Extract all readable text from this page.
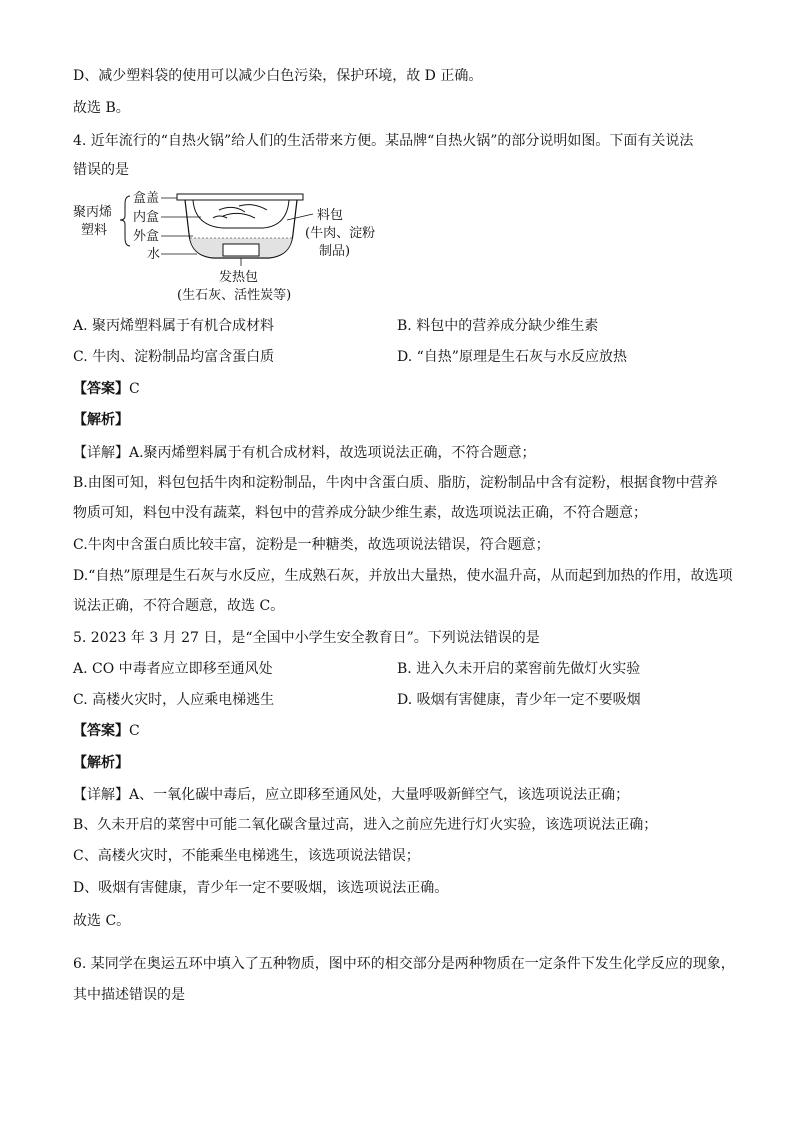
D、减少塑料袋的使用可以减少白色污染，保护环境，故 D 正确。
故选 B。
4. 近年流行的“自热火锅”给人们的生活带来方便。某品牌“自热火锅”的部分说明如图。下面有关说法
错误的是
聚丙烯
塑料
盒盖
内盒
外盒
水
料包
(牛肉、淀粉
制品)
发热包
(生石灰、活性炭等)
A. 聚丙烯塑料属于有机合成材料	B. 料包中的营养成分缺少维生素
C. 牛肉、淀粉制品均富含蛋白质	D. “自热”原理是生石灰与水反应放热
【答案】C
【解析】
【详解】A.聚丙烯塑料属于有机合成材料，故选项说法正确，不符合题意；
B.由图可知，料包包括牛肉和淀粉制品，牛肉中含蛋白质、脂肪，淀粉制品中含有淀粉，根据食物中营养
物质可知，料包中没有蔬菜，料包中的营养成分缺少维生素，故选项说法正确，不符合题意；
C.牛肉中含蛋白质比较丰富，淀粉是一种糖类，故选项说法错误，符合题意；
D.“自热”原理是生石灰与水反应，生成熟石灰，并放出大量热，使水温升高，从而起到加热的作用，故选项
说法正确，不符合题意，故选 C。
5. 2023 年 3 月 27 日，是“全国中小学生安全教育日”。下列说法错误的是
A. CO 中毒者应立即移至通风处	B. 进入久未开启的菜窖前先做灯火实验
C. 高楼火灾时，人应乘电梯逃生	D. 吸烟有害健康，青少年一定不要吸烟
【答案】C
【解析】
【详解】A、一氧化碳中毒后，应立即移至通风处，大量呼吸新鲜空气，该选项说法正确；
B、久未开启的菜窖中可能二氧化碳含量过高，进入之前应先进行灯火实验，该选项说法正确；
C、高楼火灾时，不能乘坐电梯逃生，该选项说法错误；
D、吸烟有害健康，青少年一定不要吸烟，该选项说法正确。
故选 C。
6. 某同学在奥运五环中填入了五种物质，图中环的相交部分是两种物质在一定条件下发生化学反应的现象，
其中描述错误的是
